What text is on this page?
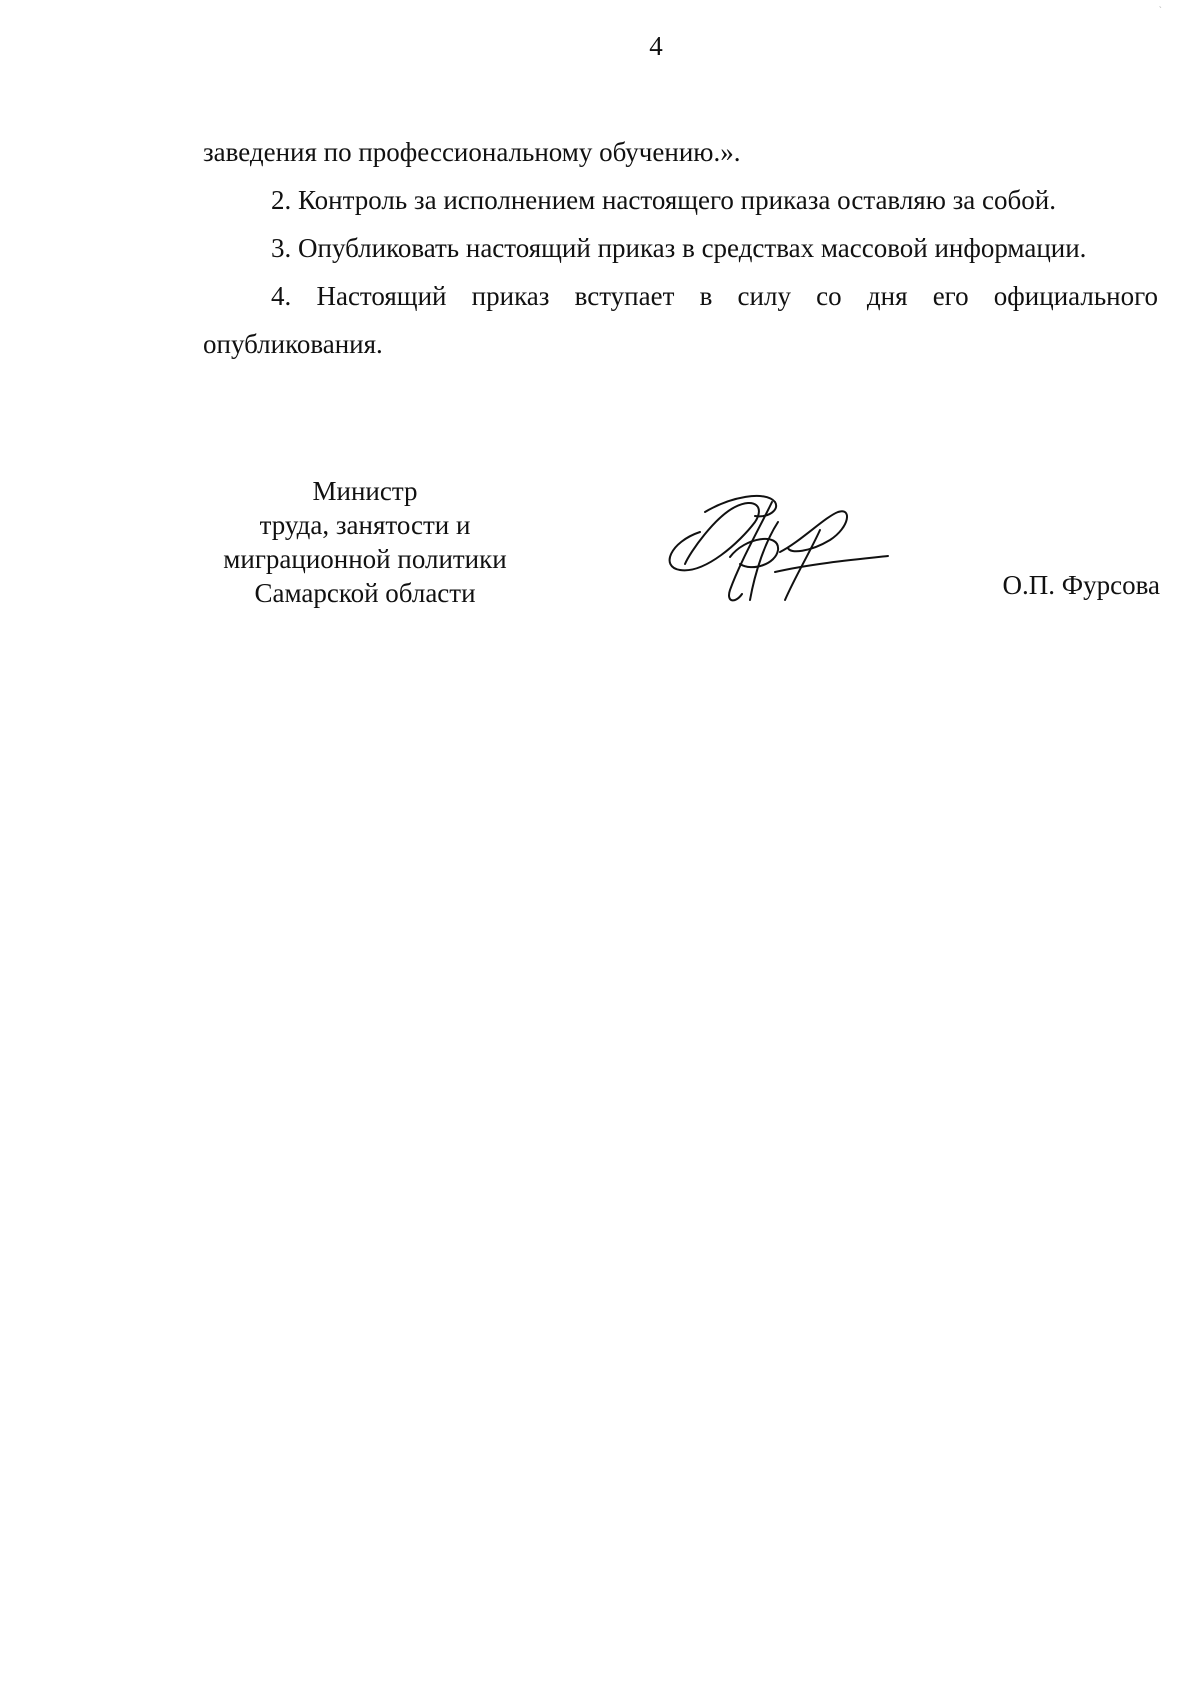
`
4

заведения по профессиональному обучению.».

2. Контроль за исполнением настоящего приказа оставляю за собой.

3. Опубликовать настоящий приказ в средствах массовой информации.

4. Настоящий приказ вступает в силу со дня его официального опубликования.

Министр
труда, занятости и
миграционной политики
Самарской области	О.П. Фурсова
